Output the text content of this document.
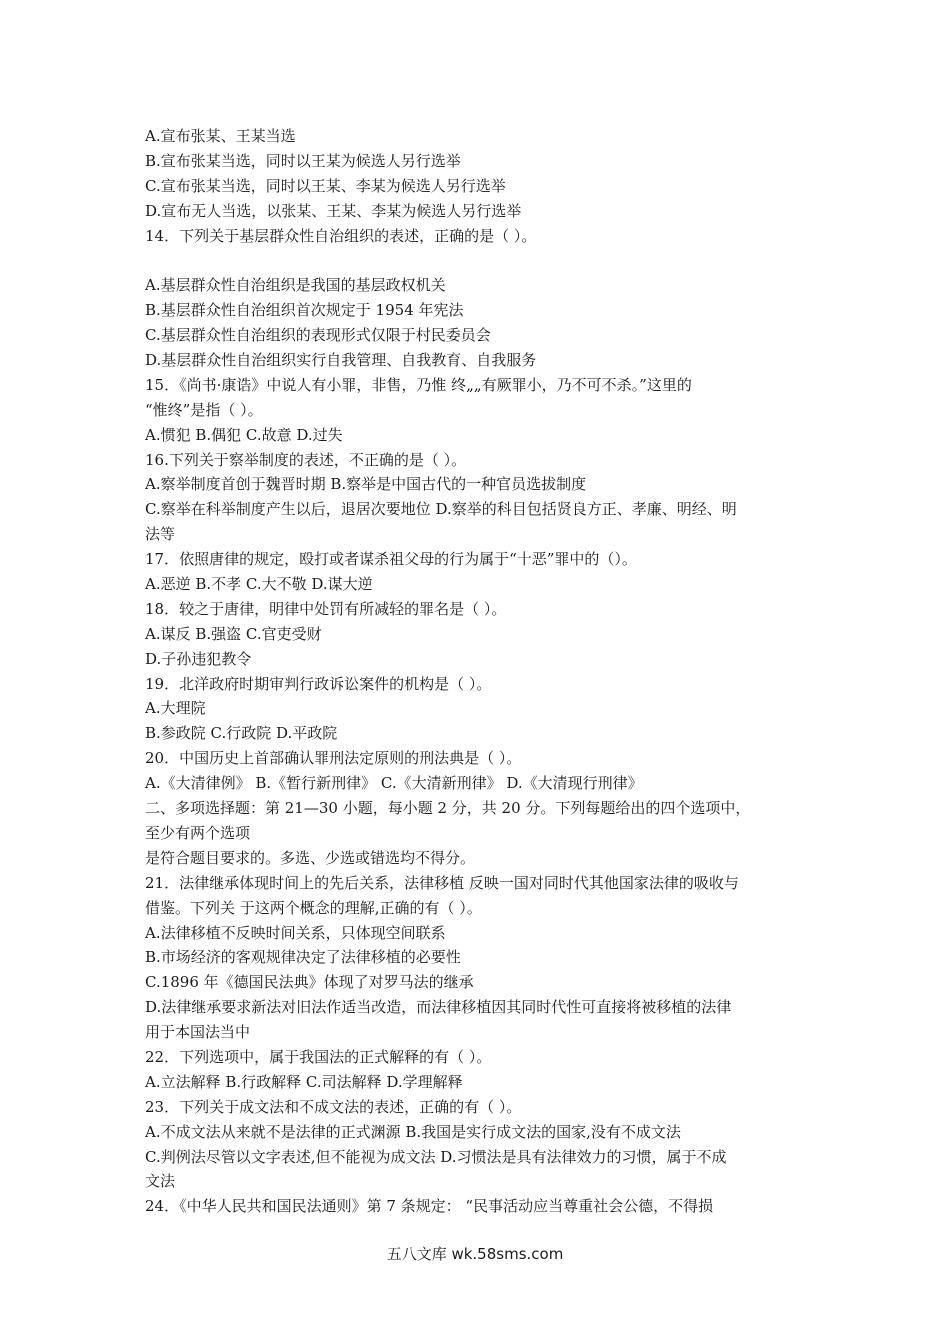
A.宣布张某、王某当选
B.宣布张某当选，同时以王某为候选人另行选举
C.宣布张某当选，同时以王某、李某为候选人另行选举
D.宣布无人当选，以张某、王某、李某为候选人另行选举
14．下列关于基层群众性自治组织的表述，正确的是（ ）。
A.基层群众性自治组织是我国的基层政权机关
B.基层群众性自治组织首次规定于 1954 年宪法
C.基层群众性自治组织的表现形式仅限于村民委员会
D.基层群众性自治组织实行自我管理、自我教育、自我服务
15．《尚书·康诰》中说人有小罪，非售，乃惟 终„„有厥罪小，乃不可不杀。”这里的
“惟终”是指（ ）。
A.惯犯 B.偶犯 C.故意 D.过失
16.下列关于察举制度的表述，不正确的是（ ）。
A.察举制度首创于魏晋时期 B.察举是中国古代的一种官员选拔制度
C.察举在科举制度产生以后，退居次要地位 D.察举的科目包括贤良方正、孝廉、明经、明
法等
17．依照唐律的规定，殴打或者谋杀祖父母的行为属于“十恶”罪中的（）。
A.恶逆 B.不孝 C.大不敬 D.谋大逆
18．较之于唐律，明律中处罚有所减轻的罪名是（ ）。
A.谋反 B.强盗 C.官吏受财
D.子孙违犯教令
19．北洋政府时期审判行政诉讼案件的机构是（ ）。
A.大理院
B.参政院 C.行政院 D.平政院
20．中国历史上首部确认罪刑法定原则的刑法典是（ ）。
A.《大清律例》 B.《暂行新刑律》 C.《大清新刑律》 D.《大清现行刑律》
二、多项选择题：第 21—30 小题，每小题 2 分，共 20 分。下列每题给出的四个选项中，
至少有两个选项
是符合题目要求的。多选、少选或错选均不得分。
21．法律继承体现时间上的先后关系，法律移植 反映一国对同时代其他国家法律的吸收与
借鉴。下列关 于这两个概念的理解,正确的有（ ）。
A.法律移植不反映时间关系，只体现空间联系
B.市场经济的客观规律决定了法律移植的必要性
C.1896 年《德国民法典》体现了对罗马法的继承
D.法律继承要求新法对旧法作适当改造，而法律移植因其同时代性可直接将被移植的法律
用于本国法当中
22．下列选项中，属于我国法的正式解释的有（ ）。
A.立法解释 B.行政解释 C.司法解释 D.学理解释
23．下列关于成文法和不成文法的表述，正确的有（ ）。
A.不成文法从来就不是法律的正式渊源 B.我国是实行成文法的国家,没有不成文法
C.判例法尽管以文字表述,但不能视为成文法 D.习惯法是具有法律效力的习惯，属于不成
文法
24．《中华人民共和国民法通则》第 7 条规定： “民事活动应当尊重社会公德，不得损
五八文库 wk.58sms.com
